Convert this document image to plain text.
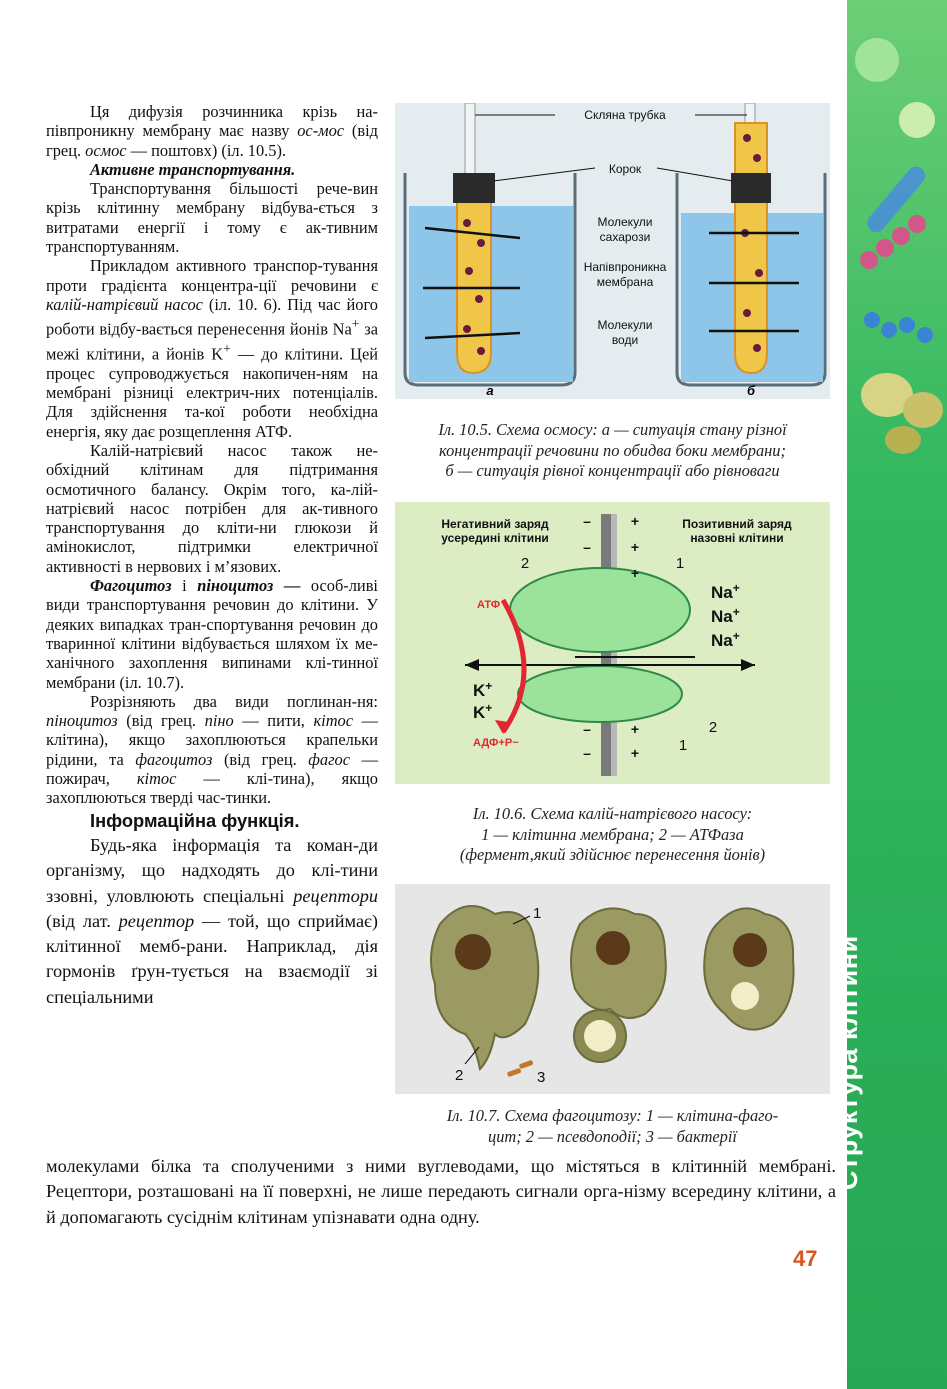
Структура клітини

Ця дифузія розчинника крізь на-півпроникну мембрану має назву ос-мос (від грец. осмос — поштовх) (іл. 10.5).

Активне транспортування.

Транспортування більшості рече-вин крізь клітинну мембрану відбува-ється з витратами енергії і тому є ак-тивним транспортуванням.

Прикладом активного транспор-тування проти градієнта концентра-ції речовини є калій-натрієвий насос (іл. 10. 6). Під час його роботи відбу-вається перенесення йонів Na+ за межі клітини, а йонів K+ — до клітини. Цей процес супроводжується накопичен-ням на мембрані різниці електрич-них потенціалів. Для здійснення та-кої роботи необхідна енергія, яку дає розщеплення АТФ.

Калій-натрієвий насос також не-обхідний клітинам для підтримання осмотичного балансу. Окрім того, ка-лій-натрієвий насос потрібен для ак-тивного транспортування до кліти-ни глюкози й амінокислот, підтримки електричної активності в нервових і м’язових.

Фагоцитоз і піноцитоз — особ-ливі види транспортування речовин до клітини. У деяких випадках тран-спортування речовин до тваринної клітини відбувається шляхом їх ме-ханічного захоплення випинами клі-тинної мембрани (іл. 10.7).

Розрізняють два види поглинан-ня: піноцитоз (від грец. піно — пити, кітос — клітина), якщо захоплюються крапельки рідини, та фагоцитоз (від грец. фагос — пожирач, кітос — клі-тина), якщо захоплюються тверді час-тинки.

Інформаційна функція.

Будь-яка інформація та коман-ди організму, що надходять до клі-тини ззовні, уловлюють спеціальні рецептори (від лат. рецептор — той, що сприймає) клітинної мемб-рани. Наприклад, дія гормонів ґрун-тується на взаємодії зі спеціальними

молекулами білка та сполученими з ними вуглеводами, що містяться в клітинній мембрані. Рецептори, розташовані на її поверхні, не лише передають сигнали орга-нізму всередину клітини, а й допомагають сусіднім клітинам упізнавати одна одну.

Скляна трубка
Корок
Молекули
сахарози
Напівпроникна
мембрана
Молекули
води
а	б
Іл. 10.5. Схема осмосу: а — ситуація стану різної
концентрації речовини по обидва боки мембрани;
б — ситуація рівної концентрації або рівноваги
Негативний заряд
усередині клітини
Позитивний заряд
назовні клітини
–
–
+
+
+
–
–
+
+
1
2
2
1
АТФ
АДФ+Р~
Na+
Na+
Na+
K+
K+
Іл. 10.6. Схема калій-натрієвого насосу:
1 — клітинна мембрана; 2 — АТФаза
(фермент,який здійснює перенесення йонів)
1
2	3
Іл. 10.7. Схема фагоцитозу: 1 — клітина-фаго-
цит; 2 — псевдоподії; 3 — бактерії
47
